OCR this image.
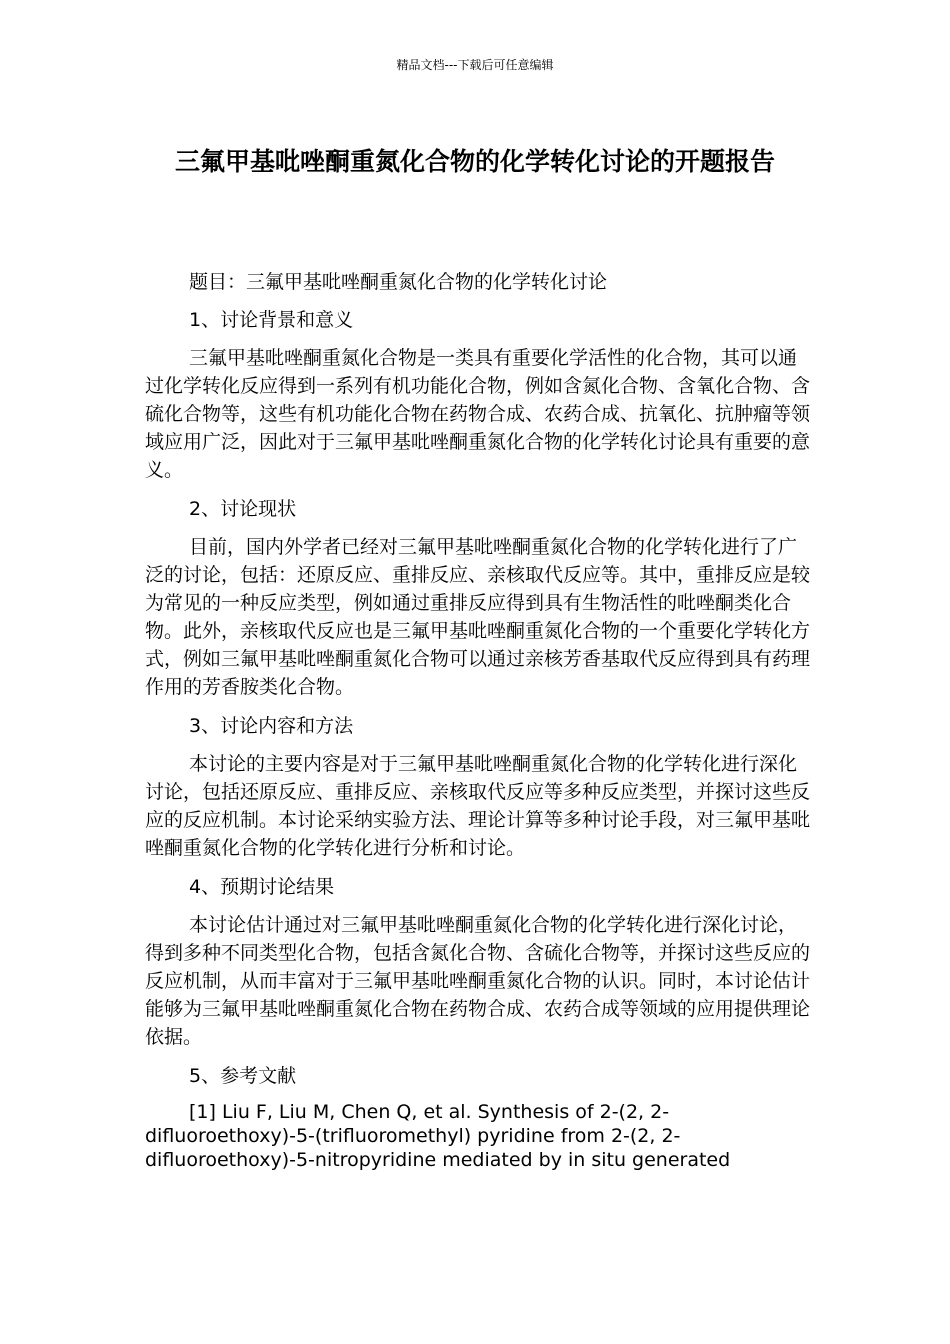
精品文档---下载后可任意编辑
三氟甲基吡唑酮重氮化合物的化学转化讨论的开题报告

题目：三氟甲基吡唑酮重氮化合物的化学转化讨论

1、讨论背景和意义

三氟甲基吡唑酮重氮化合物是一类具有重要化学活性的化合物，其可以通过化学转化反应得到一系列有机功能化合物，例如含氮化合物、含氧化合物、含硫化合物等，这些有机功能化合物在药物合成、农药合成、抗氧化、抗肿瘤等领域应用广泛，因此对于三氟甲基吡唑酮重氮化合物的化学转化讨论具有重要的意义。

2、讨论现状

目前，国内外学者已经对三氟甲基吡唑酮重氮化合物的化学转化进行了广泛的讨论，包括：还原反应、重排反应、亲核取代反应等。其中，重排反应是较为常见的一种反应类型，例如通过重排反应得到具有生物活性的吡唑酮类化合物。此外，亲核取代反应也是三氟甲基吡唑酮重氮化合物的一个重要化学转化方式，例如三氟甲基吡唑酮重氮化合物可以通过亲核芳香基取代反应得到具有药理作用的芳香胺类化合物。

3、讨论内容和方法

本讨论的主要内容是对于三氟甲基吡唑酮重氮化合物的化学转化进行深化讨论，包括还原反应、重排反应、亲核取代反应等多种反应类型，并探讨这些反应的反应机制。本讨论采纳实验方法、理论计算等多种讨论手段，对三氟甲基吡唑酮重氮化合物的化学转化进行分析和讨论。

4、预期讨论结果

本讨论估计通过对三氟甲基吡唑酮重氮化合物的化学转化进行深化讨论，得到多种不同类型化合物，包括含氮化合物、含硫化合物等，并探讨这些反应的反应机制，从而丰富对于三氟甲基吡唑酮重氮化合物的认识。同时，本讨论估计能够为三氟甲基吡唑酮重氮化合物在药物合成、农药合成等领域的应用提供理论依据。

5、参考文献

[1] Liu F, Liu M, Chen Q, et al. Synthesis of 2-(2, 2-difluoroethoxy)-5-(trifluoromethyl) pyridine from 2-(2, 2-difluoroethoxy)-5-nitropyridine mediated by in situ generated
